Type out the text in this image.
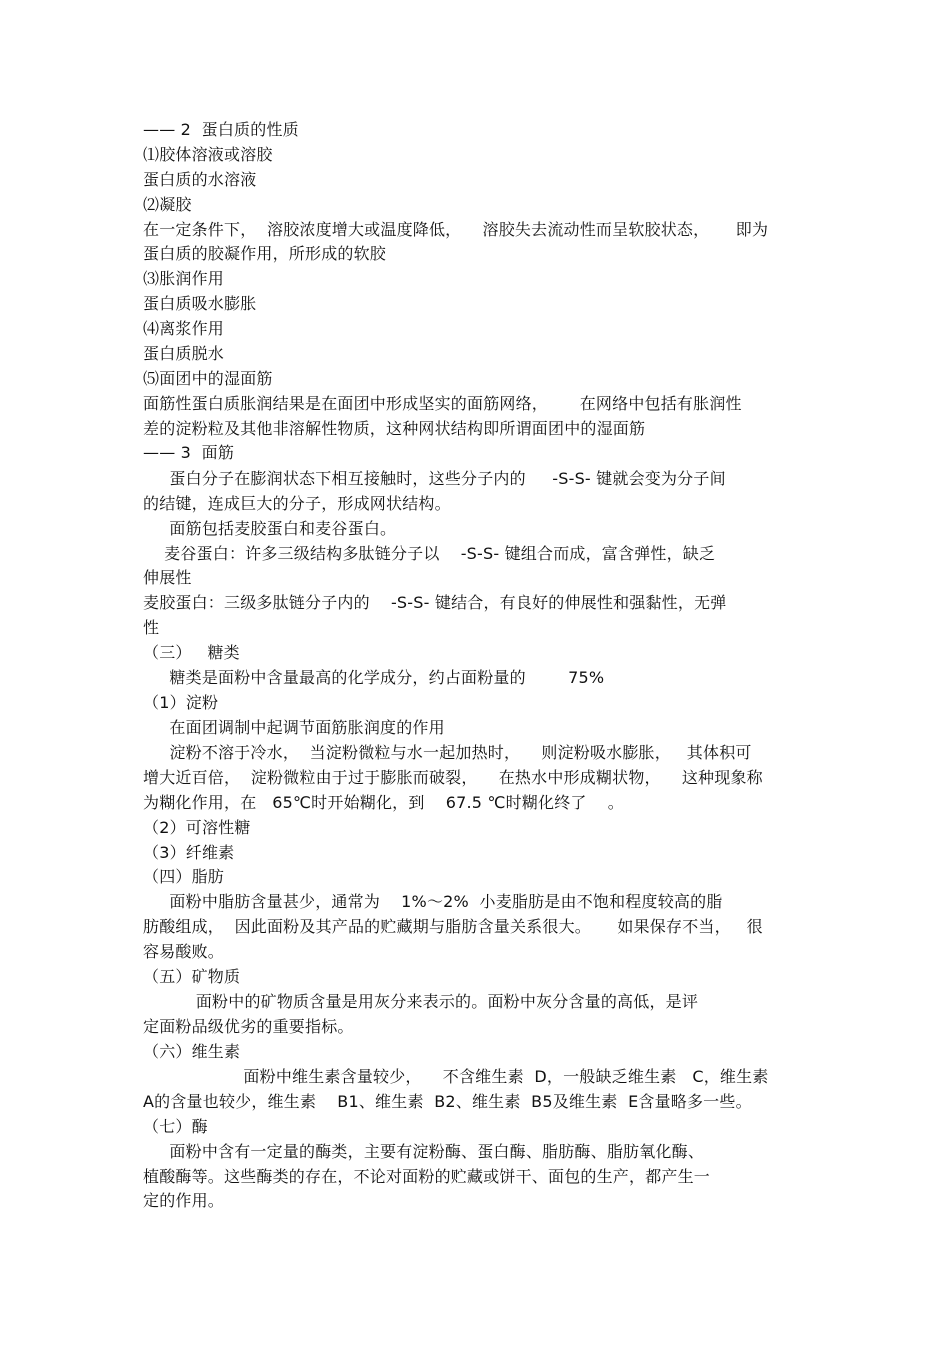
—— 2  蛋白质的性质
⑴胶体溶液或溶胶
蛋白质的水溶液
⑵凝胶
在一定条件下，  溶胶浓度增大或温度降低，    溶胶失去流动性而呈软胶状态，     即为
蛋白质的胶凝作用，所形成的软胶
⑶胀润作用
蛋白质吸水膨胀
⑷离浆作用
蛋白质脱水
⑸面团中的湿面筋
面筋性蛋白质胀润结果是在面团中形成坚实的面筋网络，      在网络中包括有胀润性
差的淀粉粒及其他非溶解性物质，这种网状结构即所谓面团中的湿面筋
—— 3  面筋
蛋白分子在膨润状态下相互接触时，这些分子内的     -S-S- 键就会变为分子间
的结键，连成巨大的分子，形成网状结构。
面筋包括麦胶蛋白和麦谷蛋白。
麦谷蛋白：许多三级结构多肽链分子以    -S-S- 键组合而成，富含弹性，缺乏
伸展性
麦胶蛋白：三级多肽链分子内的    -S-S- 键结合，有良好的伸展性和强黏性，无弹
性
（三）   糖类
糖类是面粉中含量最高的化学成分，约占面粉量的        75%
（1）淀粉
在面团调制中起调节面筋胀润度的作用
淀粉不溶于冷水，  当淀粉微粒与水一起加热时，    则淀粉吸水膨胀，   其体积可
增大近百倍，  淀粉微粒由于过于膨胀而破裂，    在热水中形成糊状物，    这种现象称
为糊化作用，在   65℃时开始糊化，到    67.5 ℃时糊化终了    。
（2）可溶性糖
（3）纤维素
（四）脂肪
面粉中脂肪含量甚少，通常为    1%～2%  小麦脂肪是由不饱和程度较高的脂
肪酸组成，  因此面粉及其产品的贮藏期与脂肪含量关系很大。     如果保存不当，   很
容易酸败。
（五）矿物质
面粉中的矿物质含量是用灰分来表示的。面粉中灰分含量的高低，是评
定面粉品级优劣的重要指标。
（六）维生素
面粉中维生素含量较少，    不含维生素  D，一般缺乏维生素   C，维生素
A的含量也较少，维生素    B1、维生素  B2、维生素  B5及维生素  E含量略多一些。
（七）酶
面粉中含有一定量的酶类，主要有淀粉酶、蛋白酶、脂肪酶、脂肪氧化酶、
植酸酶等。这些酶类的存在，不论对面粉的贮藏或饼干、面包的生产，都产生一
定的作用。
